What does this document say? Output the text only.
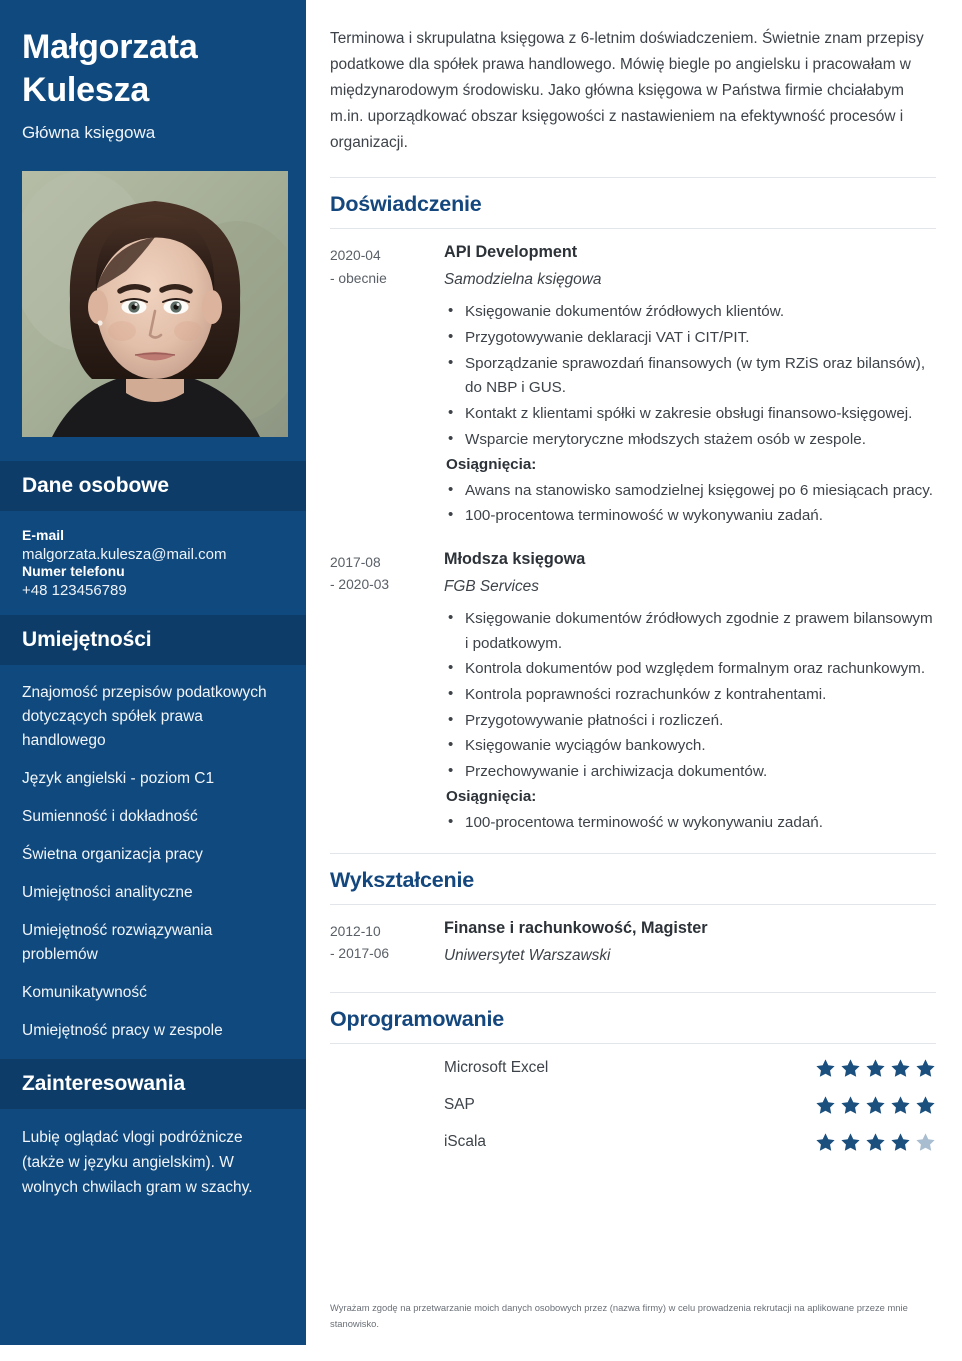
Małgorzata
Kulesza
Główna księgowa
Dane osobowe
E-mail
malgorzata.kulesza@mail.com
Numer telefonu
+48 123456789
Umiejętności
Znajomość przepisów podatkowych dotyczących spółek prawa handlowego
Język angielski - poziom C1
Sumienność i dokładność
Świetna organizacja pracy
Umiejętności analityczne
Umiejętność rozwiązywania problemów
Komunikatywność
Umiejętność pracy w zespole
Zainteresowania
Lubię oglądać vlogi podróżnicze (także w języku angielskim). W wolnych chwilach gram w szachy.

Terminowa i skrupulatna księgowa z 6-letnim doświadczeniem. Świetnie znam przepisy podatkowe dla spółek prawa handlowego. Mówię biegle po angielsku i pracowałam w międzynarodowym środowisku. Jako główna księgowa w Państwa firmie chciałabym m.in. uporządkować obszar księgowości z nastawieniem na efektywność procesów i organizacji.

Doświadczenie
2020-04
- obecnie
API Development
Samodzielna księgowa
• Księgowanie dokumentów źródłowych klientów.
• Przygotowywanie deklaracji VAT i CIT/PIT.
• Sporządzanie sprawozdań finansowych (w tym RZiS oraz bilansów), do NBP i GUS.
• Kontakt z klientami spółki w zakresie obsługi finansowo-księgowej.
• Wsparcie merytoryczne młodszych stażem osób w zespole.
Osiągnięcia:
• Awans na stanowisko samodzielnej księgowej po 6 miesiącach pracy.
• 100-procentowa terminowość w wykonywaniu zadań.
2017-08
- 2020-03
Młodsza księgowa
FGB Services
• Księgowanie dokumentów źródłowych zgodnie z prawem bilansowym i podatkowym.
• Kontrola dokumentów pod względem formalnym oraz rachunkowym.
• Kontrola poprawności rozrachunków z kontrahentami.
• Przygotowywanie płatności i rozliczeń.
• Księgowanie wyciągów bankowych.
• Przechowywanie i archiwizacja dokumentów.
Osiągnięcia:
• 100-procentowa terminowość w wykonywaniu zadań.
Wykształcenie
2012-10
- 2017-06
Finanse i rachunkowość, Magister
Uniwersytet Warszawski
Oprogramowanie
Microsoft Excel
SAP
iScala
Wyrażam zgodę na przetwarzanie moich danych osobowych przez (nazwa firmy) w celu prowadzenia rekrutacji na aplikowane przeze mnie stanowisko.
